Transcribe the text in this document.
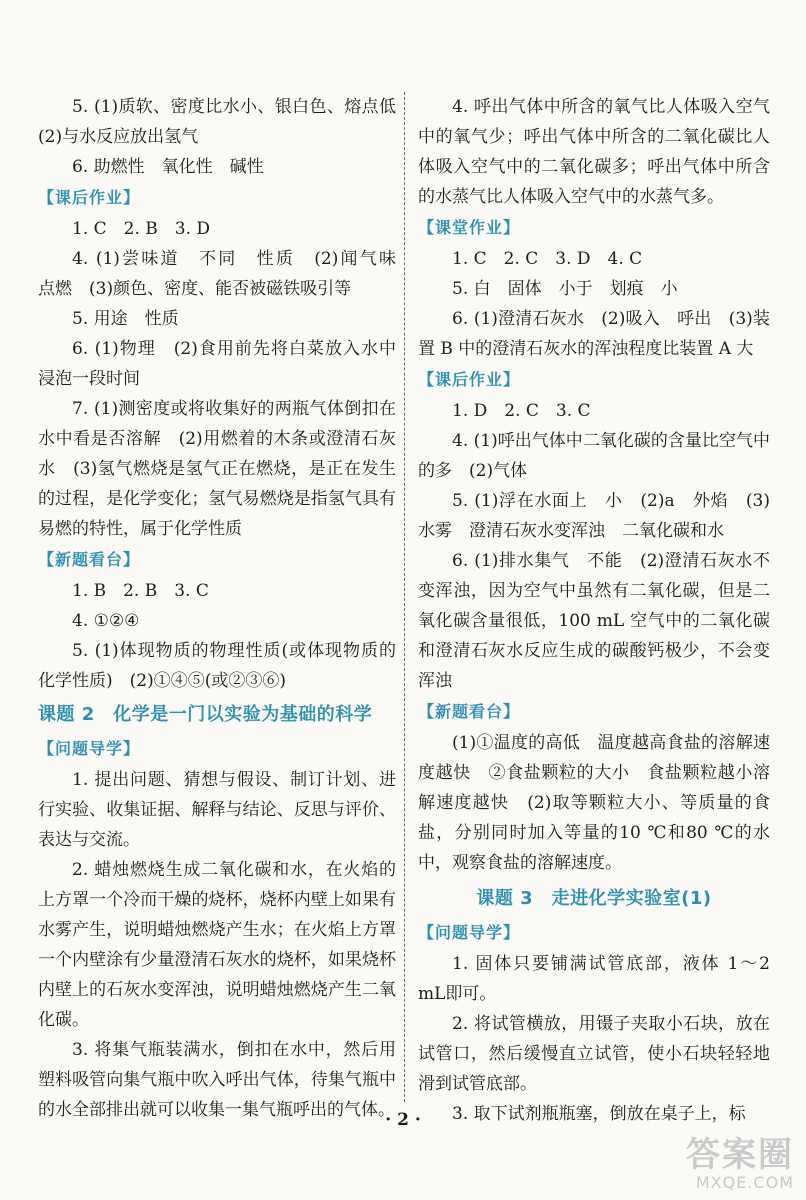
5. (1)质软、密度比水小、银白色、熔点低　(2)与水反应放出氢气

6. 助燃性　氧化性　碱性

【课后作业】

1. C　2. B　3. D

4. (1)尝味道　不同　性质　(2)闻气味　点燃　(3)颜色、密度、能否被磁铁吸引等

5. 用途　性质

6. (1)物理　(2)食用前先将白菜放入水中浸泡一段时间

7. (1)测密度或将收集好的两瓶气体倒扣在水中看是否溶解　(2)用燃着的木条或澄清石灰水　(3)氢气燃烧是氢气正在燃烧，是正在发生的过程，是化学变化；氢气易燃烧是指氢气具有易燃的特性，属于化学性质

【新题看台】

1. B　2. B　3. C

4. ①②④

5. (1)体现物质的物理性质(或体现物质的化学性质)　(2)①④⑤(或②③⑥)

课题 2　化学是一门以实验为基础的科学

【问题导学】

1. 提出问题、猜想与假设、制订计划、进行实验、收集证据、解释与结论、反思与评价、表达与交流。

2. 蜡烛燃烧生成二氧化碳和水，在火焰的上方罩一个冷而干燥的烧杯，烧杯内壁上如果有水雾产生，说明蜡烛燃烧产生水；在火焰上方罩一个内壁涂有少量澄清石灰水的烧杯，如果烧杯内壁上的石灰水变浑浊，说明蜡烛燃烧产生二氧化碳。

3. 将集气瓶装满水，倒扣在水中，然后用塑料吸管向集气瓶中吹入呼出气体，待集气瓶中的水全部排出就可以收集一集气瓶呼出的气体。

4. 呼出气体中所含的氧气比人体吸入空气中的氧气少；呼出气体中所含的二氧化碳比人体吸入空气中的二氧化碳多；呼出气体中所含的水蒸气比人体吸入空气中的水蒸气多。

【课堂作业】

1. C　2. C　3. D　4. C

5. 白　固体　小于　划痕　小

6. (1)澄清石灰水　(2)吸入　呼出　(3)装置 B 中的澄清石灰水的浑浊程度比装置 A 大

【课后作业】

1. D　2. C　3. C

4. (1)呼出气体中二氧化碳的含量比空气中的多　(2)气体

5. (1)浮在水面上　小　(2)a　外焰　(3)水雾　澄清石灰水变浑浊　二氧化碳和水

6. (1)排水集气　不能　(2)澄清石灰水不变浑浊，因为空气中虽然有二氧化碳，但是二氧化碳含量很低，100 mL 空气中的二氧化碳和澄清石灰水反应生成的碳酸钙极少，不会变浑浊

【新题看台】

(1)①温度的高低　温度越高食盐的溶解速度越快　②食盐颗粒的大小　食盐颗粒越小溶解速度越快　(2)取等颗粒大小、等质量的食盐，分别同时加入等量的10 ℃和80 ℃的水中，观察食盐的溶解速度。

课题 3　走进化学实验室(1)

【问题导学】

1. 固体只要铺满试管底部，液体 1～2 mL即可。

2. 将试管横放，用镊子夹取小石块，放在试管口，然后缓慢直立试管，使小石块轻轻地滑到试管底部。

3. 取下试剂瓶瓶塞，倒放在桌子上，标

· 2 ·
答案圈
MXQE.COM
